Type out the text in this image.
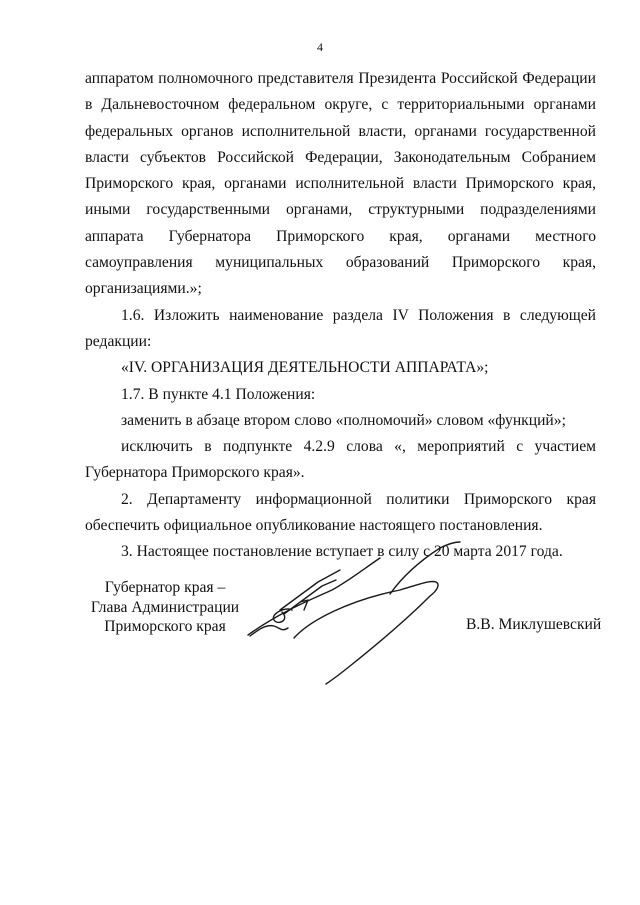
4

аппаратом полномочного представителя Президента Российской Федерации в Дальневосточном федеральном округе, с территориальными органами федеральных органов исполнительной власти, органами государственной власти субъектов Российской Федерации, Законодательным Собранием Приморского края, органами исполнительной власти Приморского края, иными государственными органами, структурными подразделениями аппарата Губернатора Приморского края, органами местного самоуправления муниципальных образований Приморского края, организациями.»;

1.6. Изложить наименование раздела IV Положения в следующей редакции:

«IV. ОРГАНИЗАЦИЯ ДЕЯТЕЛЬНОСТИ АППАРАТА»;

1.7. В пункте 4.1 Положения:

заменить в абзаце втором слово «полномочий» словом «функций»;

исключить в подпункте 4.2.9 слова «, мероприятий с участием Губернатора Приморского края».

2. Департаменту информационной политики Приморского края обеспечить официальное опубликование настоящего постановления.

3. Настоящее постановление вступает в силу с 20 марта 2017 года.

Губернатор края –
Глава Администрации
Приморского края	В.В. Миклушевский
